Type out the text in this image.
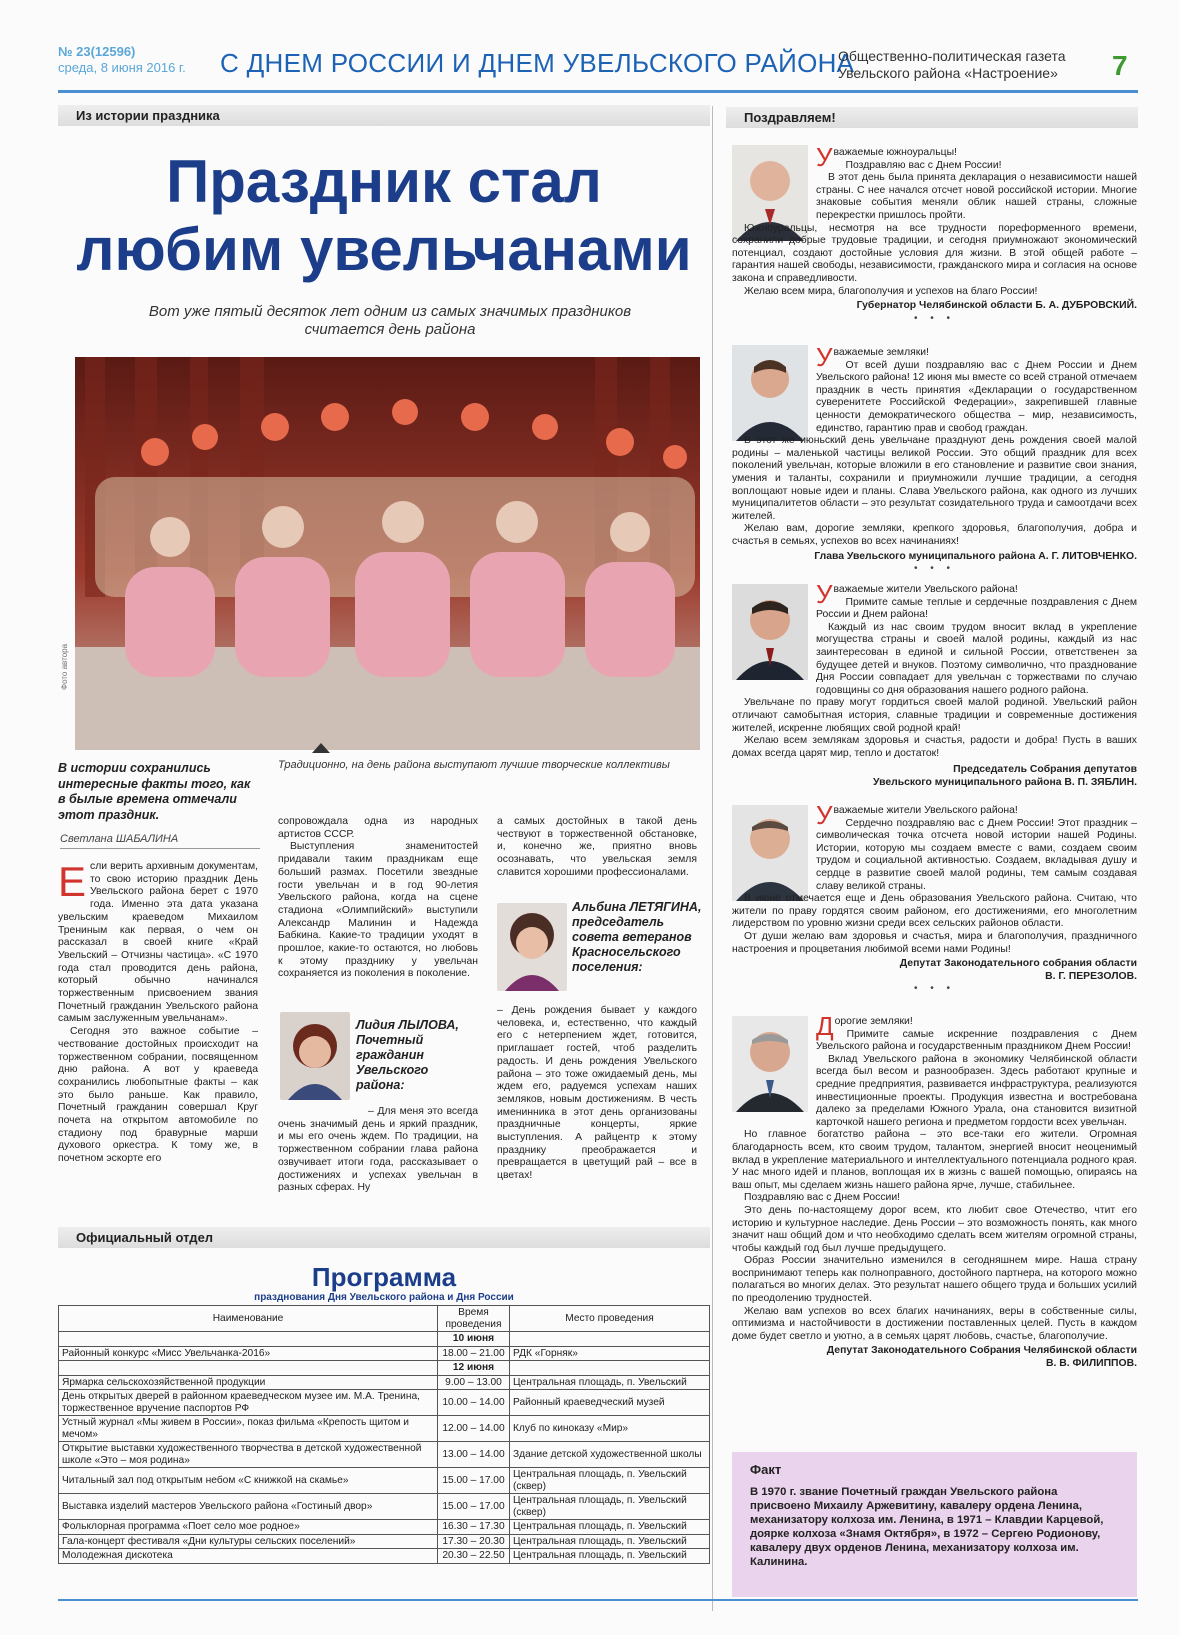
№ 23(12596)
среда, 8 июня 2016 г. С ДНЕМ РОССИИ И ДНЕМ УВЕЛЬСКОГО РАЙОНА
Общественно-политическая газета
Увельского района «Настроение» 7
Из истории праздника
Праздник стал
любим увельчанами
Вот уже пятый десяток лет одним из самых значимых праздников
считается день района
Фото автора
В истории сохранились интересные факты того, как в былые времена отмечали этот праздник.
Светлана ШАБАЛИНА
Традиционно, на день района выступают лучшие творческие коллективы
Е сли верить архивным документам, то свою историю праздник День Увельского района берет с 1970 года. Именно эта дата указана увельским краеведом Михаилом Трениным как первая, о чем он рассказал в своей книге «Край Увельский – Отчизны частица». «С 1970 года стал проводится день района, который обычно начинался торжественным присвоением звания Почетный гражданин Увельского района самым заслуженным увельчанам».

Сегодня это важное событие – чествование достойных происходит на торжественном собрании, посвященном дню района. А вот у краеведа сохранились любопытные факты – как это было раньше. Как правило, Почетный гражданин совершал Круг почета на открытом автомобиле по стадиону под бравурные марши духового оркестра. К тому же, в почетном эскорте его

сопровождала одна из народных артистов СССР.

Выступления знаменитостей придавали таким праздникам еще больший размах. Посетили звездные гости увельчан и в год 90-летия Увельского района, когда на сцене стадиона «Олимпийский» выступили Александр Малинин и Надежда Бабкина. Какие-то традиции уходят в прошлое, какие-то остаются, но любовь к этому празднику у увельчан сохраняется из поколения в поколение.

Лидия ЛЫЛОВА, Почетный гражданин Увельского района:
– Для меня это всегда очень значимый день и яркий праздник, и мы его очень ждем. По традиции, на торжественном собрании глава района озвучивает итоги года, рассказывает о достижениях и успехах увельчан в разных сферах. Ну
а самых достойных в такой день чествуют в торжественной обстановке, и, конечно же, приятно вновь осознавать, что увельская земля славится хорошими профессионалами.
Альбина ЛЕТЯГИНА, председатель совета ветеранов Красносельского поселения:
– День рождения бывает у каждого человека, и, естественно, что каждый его с нетерпением ждет, готовится, приглашает гостей, чтоб разделить радость. И день рождения Увельского района – это тоже ожидаемый день, мы ждем его, радуемся успехам наших земляков, новым достижениям. В честь именинника в этот день организованы праздничные концерты, яркие выступления. А райцентр к этому празднику преображается и превращается в цветущий рай – все в цветах!
Официальный отдел
Программа
празднования Дня Увельского района и Дня России
Наименование	Время проведения	Место проведения
	10 июня	
Районный конкурс «Мисс Увельчанка-2016»	18.00 – 21.00	РДК «Горняк»
	12 июня	
Ярмарка сельскохозяйственной продукции	9.00 – 13.00	Центральная площадь, п. Увельский
День открытых дверей в районном краеведческом музее им. М.А. Тренина, торжественное вручение паспортов РФ	10.00 – 14.00	Районный краеведческий музей
Устный журнал «Мы живем в России», показ фильма «Крепость щитом и мечом»	12.00 – 14.00	Клуб по киноказу «Мир»
Открытие выставки художественного творчества в детской художественной школе «Это – моя родина»	13.00 – 14.00	Здание детской художественной школы
Читальный зал под открытым небом «С книжкой на скамье»	15.00 – 17.00	Центральная площадь, п. Увельский (сквер)
Выставка изделий мастеров Увельского района «Гостиный двор»	15.00 – 17.00	Центральная площадь, п. Увельский (сквер)
Фольклорная программа «Поет село мое родное»	16.30 – 17.30	Центральная площадь, п. Увельский
Гала-концерт фестиваля «Дни культуры сельских поселений»	17.30 – 20.30	Центральная площадь, п. Увельский
Молодежная дискотека	20.30 – 22.50	Центральная площадь, п. Увельский
Поздравляем!
Уважаемые южноуральцы!

Поздравляю вас с Днем России!

В этот день была принята декларация о независимости нашей страны. С нее начался отсчет новой российской истории. Многие знаковые события меняли облик нашей страны, сложные перекрестки пришлось пройти.

Южноуральцы, несмотря на все трудности пореформенного времени, сохранили добрые трудовые традиции, и сегодня приумножают экономический потенциал, создают достойные условия для жизни. В этой общей работе – гарантия нашей свободы, независимости, гражданского мира и согласия на основе закона и справедливости.

Желаю всем мира, благополучия и успехов на благо России!

Губернатор Челябинской области Б. А. ДУБРОВСКИЙ.
• • •
Уважаемые земляки!

От всей души поздравляю вас с Днем России и Днем Увельского района! 12 июня мы вместе со всей страной отмечаем праздник в честь принятия «Декларации о государственном суверенитете Российской Федерации», закрепившей главные ценности демократического общества – мир, независимость, единство, гарантию прав и свобод граждан.

В этот же июньский день увельчане празднуют день рождения своей малой родины – маленькой частицы великой России. Это общий праздник для всех поколений увельчан, которые вложили в его становление и развитие свои знания, умения и таланты, сохранили и приумножили лучшие традиции, а сегодня воплощают новые идеи и планы. Слава Увельского района, как одного из лучших муниципалитетов области – это результат созидательного труда и самоотдачи всех жителей.

Желаю вам, дорогие земляки, крепкого здоровья, благополучия, добра и счастья в семьях, успехов во всех начинаниях!

Глава Увельского муниципального района А. Г. ЛИТОВЧЕНКО.
• • •
Уважаемые жители Увельского района!

Примите самые теплые и сердечные поздравления с Днем России и Днем района!

Каждый из нас своим трудом вносит вклад в укрепление могущества страны и своей малой родины, каждый из нас заинтересован в единой и сильной России, ответственен за будущее детей и внуков. Поэтому символично, что празднование Дня России совпадает для увельчан с торжествами по случаю годовщины со дня образования нашего родного района.

Увельчане по праву могут гордиться своей малой родиной. Увельский район отличают самобытная история, славные традиции и современные достижения жителей, искренне любящих свой родной край!

Желаю всем землякам здоровья и счастья, радости и добра! Пусть в ваших домах всегда царят мир, тепло и достаток!

Председатель Собрания депутатов
Увельского муниципального района В. П. ЗЯБЛИН.
Уважаемые жители Увельского района!

Сердечно поздравляю вас с Днем России! Этот праздник – символическая точка отсчета новой истории нашей Родины. Истории, которую мы создаем вместе с вами, создаем своим трудом и социальной активностью. Создаем, вкладывая душу и сердце в развитие своей малой родины, тем самым создавая славу великой страны.

В июне отмечается еще и День образования Увельского района. Считаю, что жители по праву гордятся своим районом, его достижениями, его многолетним лидерством по уровню жизни среди всех сельских районов области.

От души желаю вам здоровья и счастья, мира и благополучия, праздничного настроения и процветания любимой всеми нами Родины!

Депутат Законодательного собрания области
В. Г. ПЕРЕЗОЛОВ.
• • •
Дорогие земляки!

Примите самые искренние поздравления с Днем Увельского района и государственным праздником Днем России!

Вклад Увельского района в экономику Челябинской области всегда был весом и разнообразен. Здесь работают крупные и средние предприятия, развивается инфраструктура, реализуются инвестиционные проекты. Продукция известна и востребована далеко за пределами Южного Урала, она становится визитной карточкой нашего региона и предметом гордости всех увельчан.

Но главное богатство района – это все-таки его жители. Огромная благодарность всем, кто своим трудом, талантом, энергией вносит неоценимый вклад в укрепление материального и интеллектуального потенциала родного края. У нас много идей и планов, воплощая их в жизнь с вашей помощью, опираясь на ваш опыт, мы сделаем жизнь нашего района ярче, лучше, стабильнее.

Поздравляю вас с Днем России!

Это день по-настоящему дорог всем, кто любит свое Отечество, чтит его историю и культурное наследие. День России – это возможность понять, как много значит наш общий дом и что необходимо сделать всем жителям огромной страны, чтобы каждый год был лучше предыдущего.

Образ России значительно изменился в сегодняшнем мире. Наша страну воспринимают теперь как полноправного, достойного партнера, на которого можно полагаться во многих делах. Это результат нашего общего труда и больших усилий по преодолению трудностей.

Желаю вам успехов во всех благих начинаниях, веры в собственные силы, оптимизма и настойчивости в достижении поставленных целей. Пусть в каждом доме будет светло и уютно, а в семьях царят любовь, счастье, благополучие.

Депутат Законодательного Собрания Челябинской области
В. В. ФИЛИППОВ.
Факт
В 1970 г. звание Почетный граждан Увельского района присвоено Михаилу Аржевитину, кавалеру ордена Ленина, механизатору колхоза им. Ленина, в 1971 – Клавдии Карцевой, доярке колхоза «Знамя Октября», в 1972 – Сергею Родионову, кавалеру двух орденов Ленина, механизатору колхоза им. Калинина.
